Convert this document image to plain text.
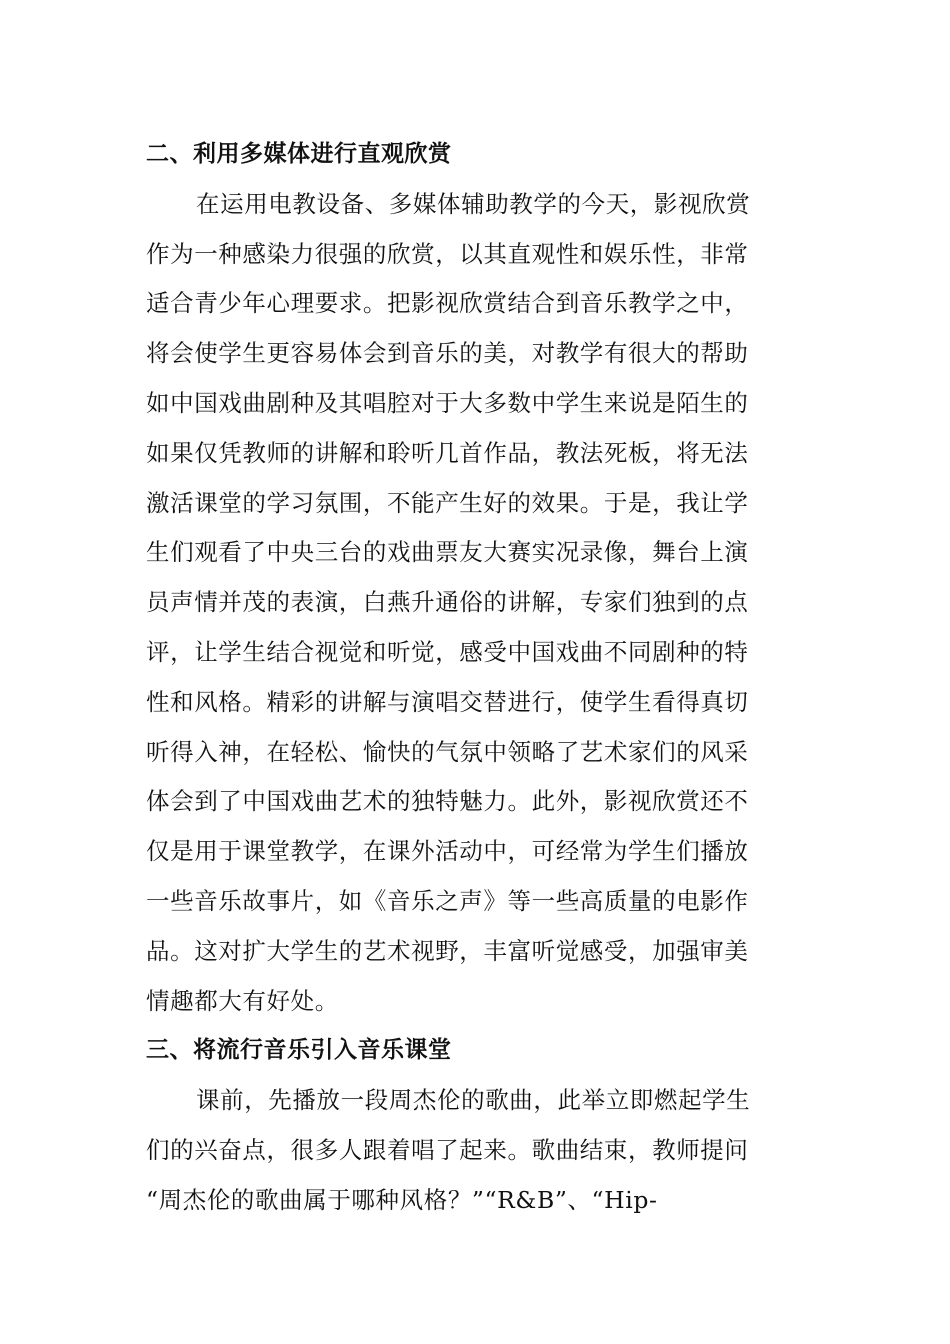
二、利用多媒体进行直观欣赏
在运用电教设备、多媒体辅助教学的今天，影视欣赏
作为一种感染力很强的欣赏，以其直观性和娱乐性，非常
适合青少年心理要求。把影视欣赏结合到音乐教学之中，
将会使学生更容易体会到音乐的美，对教学有很大的帮助
如中国戏曲剧种及其唱腔对于大多数中学生来说是陌生的
如果仅凭教师的讲解和聆听几首作品，教法死板，将无法
激活课堂的学习氛围，不能产生好的效果。于是，我让学
生们观看了中央三台的戏曲票友大赛实况录像，舞台上演
员声情并茂的表演，白燕升通俗的讲解，专家们独到的点
评，让学生结合视觉和听觉，感受中国戏曲不同剧种的特
性和风格。精彩的讲解与演唱交替进行，使学生看得真切
听得入神，在轻松、愉快的气氛中领略了艺术家们的风采
体会到了中国戏曲艺术的独特魅力。此外，影视欣赏还不
仅是用于课堂教学，在课外活动中，可经常为学生们播放
一些音乐故事片，如《音乐之声》等一些高质量的电影作
品。这对扩大学生的艺术视野，丰富听觉感受，加强审美
情趣都大有好处。
三、将流行音乐引入音乐课堂
课前，先播放一段周杰伦的歌曲，此举立即燃起学生
们的兴奋点，很多人跟着唱了起来。歌曲结束，教师提问
“周杰伦的歌曲属于哪种风格？”“R&B”、“Hip-
